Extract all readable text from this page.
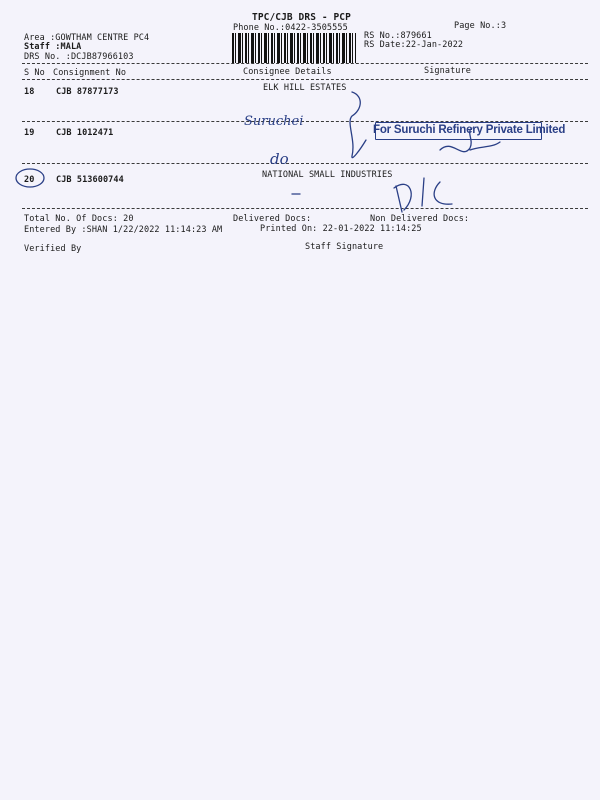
TPC/CJB DRS - PCP
Phone No.:0422-3505555	Page No.:3
Area :GOWTHAM CENTRE PC4
Staff :MALA
DRS No. :DCJB87966103
RS No.:879661
RS Date:22-Jan-2022
S No Consignment No	Consignee Details	Signature
18	CJB 87877173	ELK HILL ESTATES
19	CJB 1012471
20	CJB 513600744	NATIONAL SMALL INDUSTRIES
For Suruchi Refinery Private Limited
Suruchei
do
Total No. Of Docs: 20	Delivered Docs:	Non Delivered Docs:
Entered By :SHAN 1/22/2022 11:14:23 AM	Printed On: 22-01-2022 11:14:25
Verified By	Staff Signature
